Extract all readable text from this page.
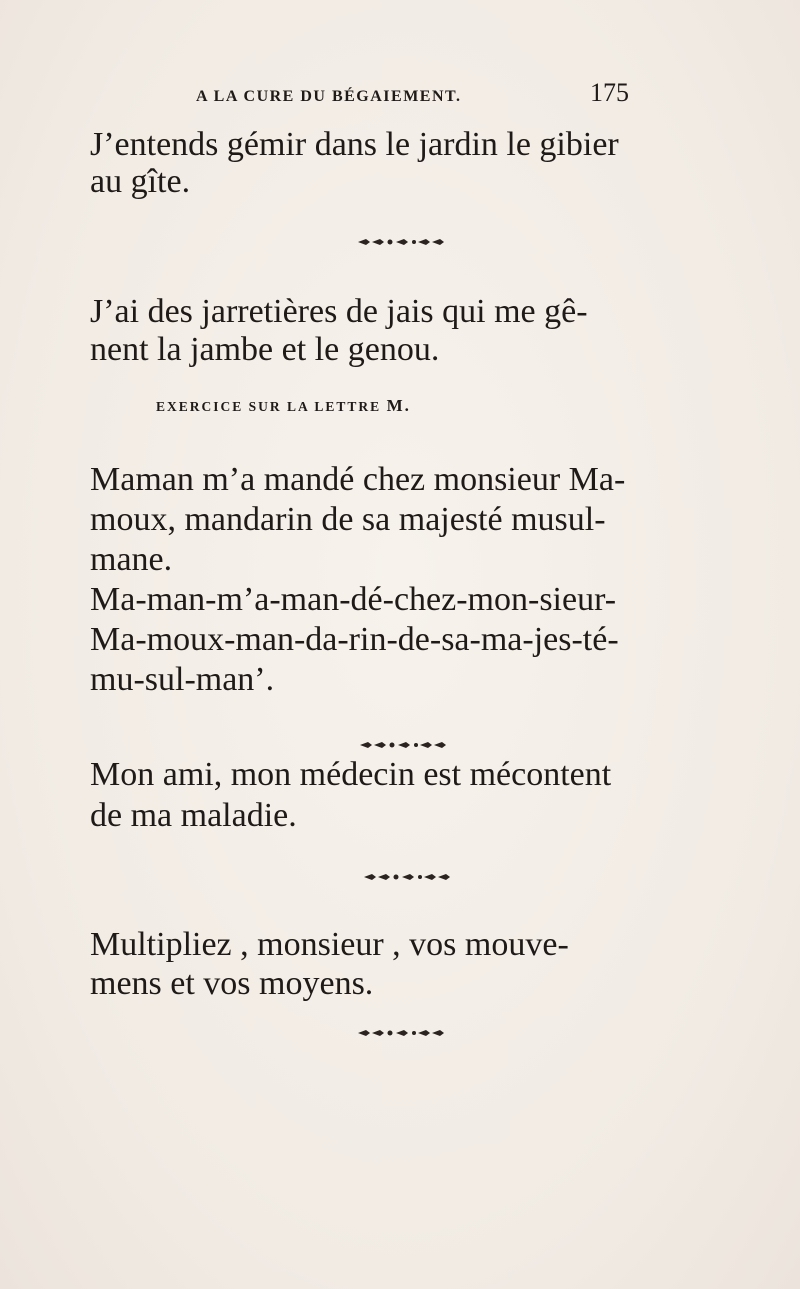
A LA CURE DU BÉGAIEMENT.	175
J’entends gémir dans le jardin le gibier
au gîte.
J’ai des jarretières de jais qui me gê-
nent la jambe et le genou.
EXERCICE SUR LA LETTRE M.
Maman m’a mandé chez monsieur Ma-
moux, mandarin de sa majesté musul-
mane.
Ma-man-m’a-man-dé-chez-mon-sieur-
Ma-moux-man-da-rin-de-sa-ma-jes-té-
mu-sul-man’.
Mon ami, mon médecin est mécontent
de ma maladie.
Multipliez , monsieur , vos mouve-
mens et vos moyens.
